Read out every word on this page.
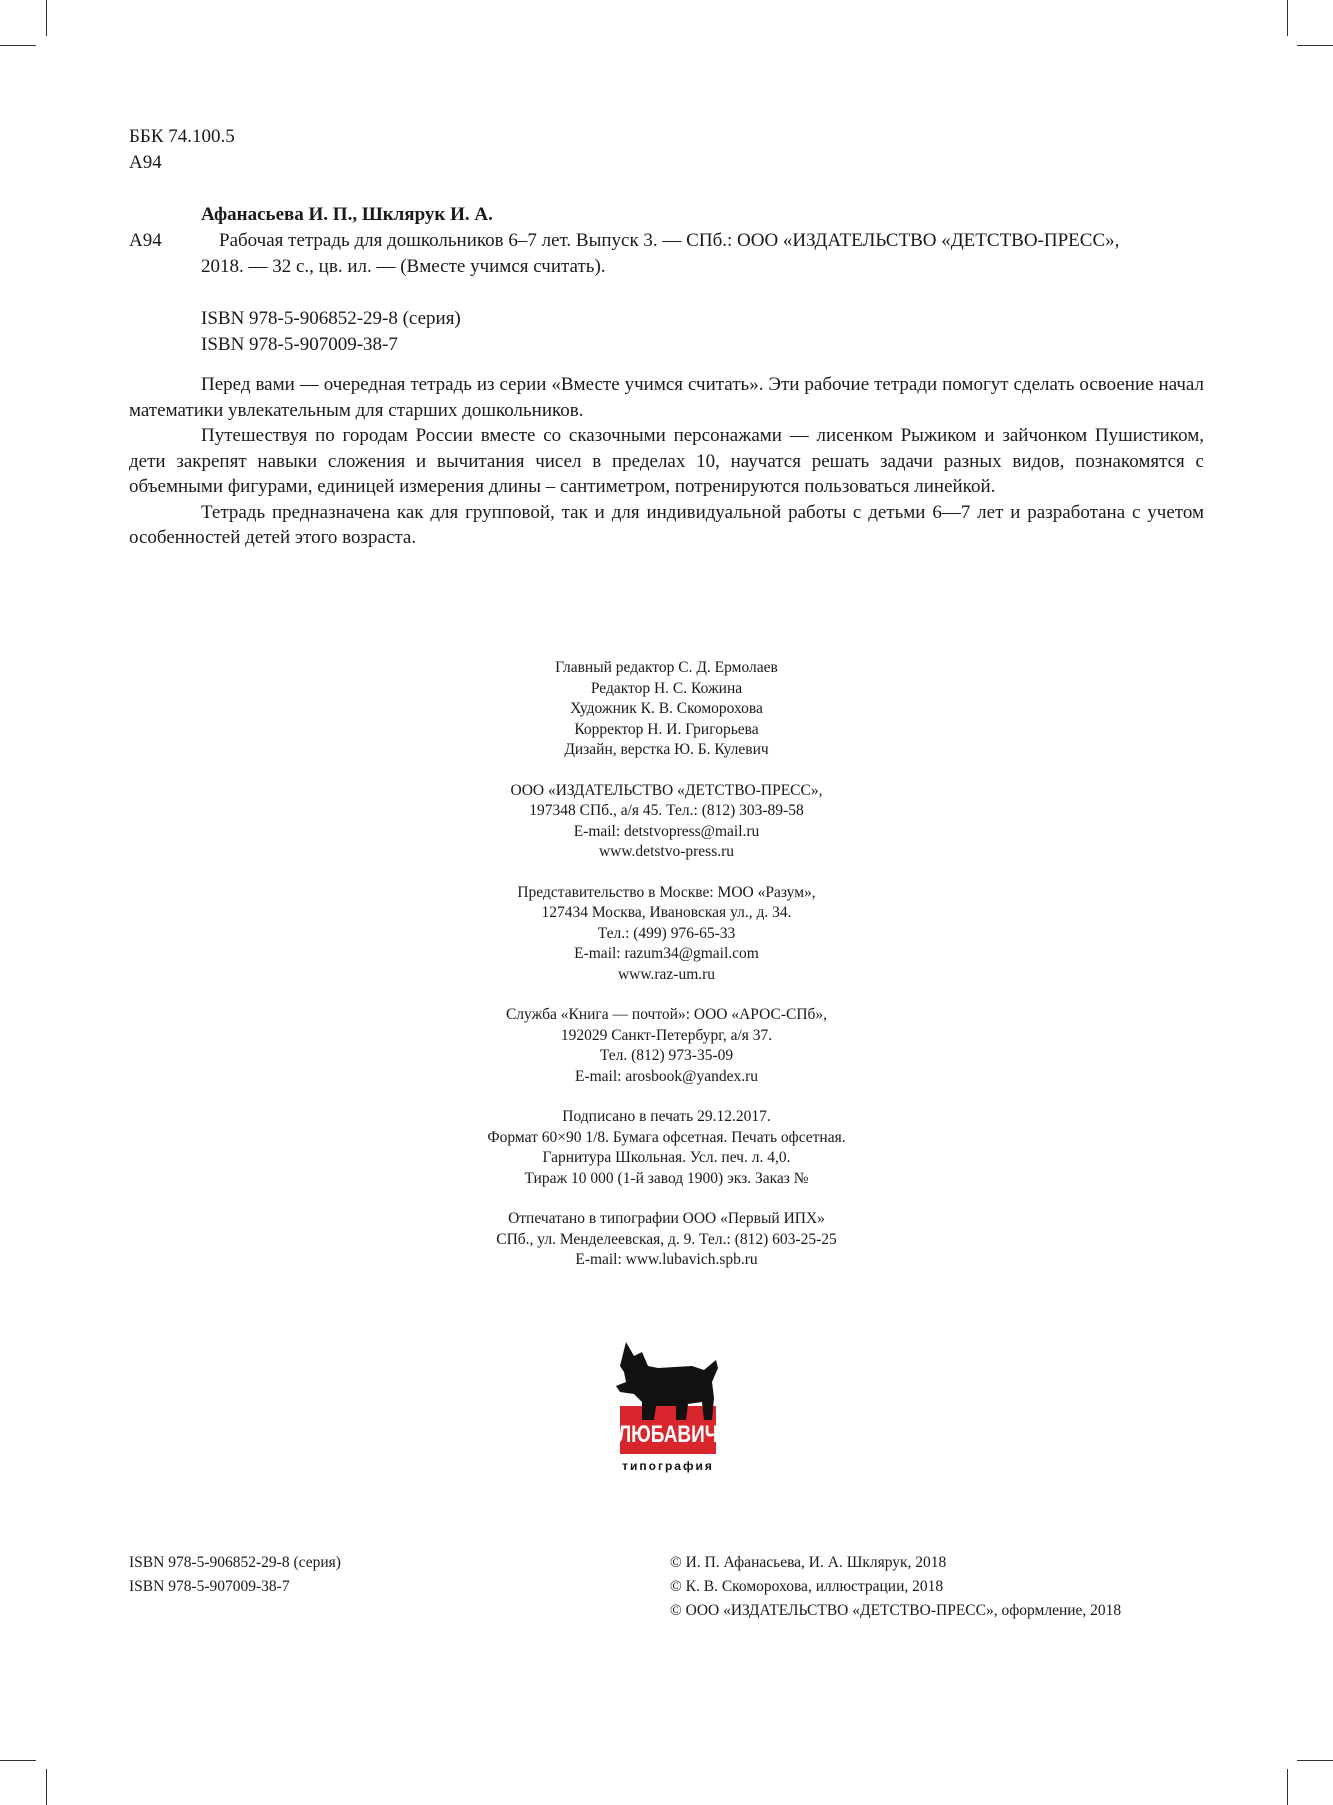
ББК 74.100.5
А94
Афанасьева И. П., Шклярук И. А.
А94	Рабочая тетрадь для дошкольников 6–7 лет. Выпуск 3. — СПб.: ООО «ИЗДАТЕЛЬСТВО «ДЕТСТВО-ПРЕСС»,
2018. — 32 с., цв. ил. — (Вместе учимся считать).
ISBN 978-5-906852-29-8 (серия)
ISBN 978-5-907009-38-7

Перед вами — очередная тетрадь из серии «Вместе учимся считать». Эти рабочие тетради помогут сделать освоение начал математики увлекательным для старших дошкольников.

Путешествуя по городам России вместе со сказочными персонажами — лисенком Рыжиком и зайчонком Пушистиком, дети закрепят навыки сложения и вычитания чисел в пределах 10, научатся решать задачи разных видов, познакомятся с объемными фигурами, единицей измерения длины – сантиметром, потренируются пользоваться линейкой.

Тетрадь предназначена как для групповой, так и для индивидуальной работы с детьми 6—7 лет и разработана с учетом особенностей детей этого возраста.

Главный редактор С. Д. Ермолаев
Редактор Н. С. Кожина
Художник К. В. Скоморохова
Корректор Н. И. Григорьева
Дизайн, верстка Ю. Б. Кулевич
ООО «ИЗДАТЕЛЬСТВО «ДЕТСТВО-ПРЕСС»,
197348 СПб., а/я 45. Тел.: (812) 303-89-58
E-mail: detstvopress@mail.ru
www.detstvo-press.ru
Представительство в Москве: МОО «Разум»,
127434 Москва, Ивановская ул., д. 34.
Тел.: (499) 976-65-33
E-mail: razum34@gmail.com
www.raz-um.ru
Служба «Книга — почтой»: ООО «АРОС-СПб»,
192029 Санкт-Петербург, а/я 37.
Тел. (812) 973-35-09
E-mail: arosbook@yandex.ru
Подписано в печать 29.12.2017.
Формат 60×90 1/8. Бумага офсетная. Печать офсетная.
Гарнитура Школьная. Усл. печ. л. 4,0.
Тираж 10 000 (1-й завод 1900) экз. Заказ №
Отпечатано в типографии ООО «Первый ИПХ»
СПб., ул. Менделеевская, д. 9. Тел.: (812) 603-25-25
E-mail: www.lubavich.spb.ru
ЛЮБАВИЧ
типография
ISBN 978-5-906852-29-8 (серия)
ISBN 978-5-907009-38-7
© И. П. Афанасьева, И. А. Шклярук, 2018
© К. В. Скоморохова, иллюстрации, 2018
© ООО «ИЗДАТЕЛЬСТВО «ДЕТСТВО-ПРЕСС», оформление, 2018
